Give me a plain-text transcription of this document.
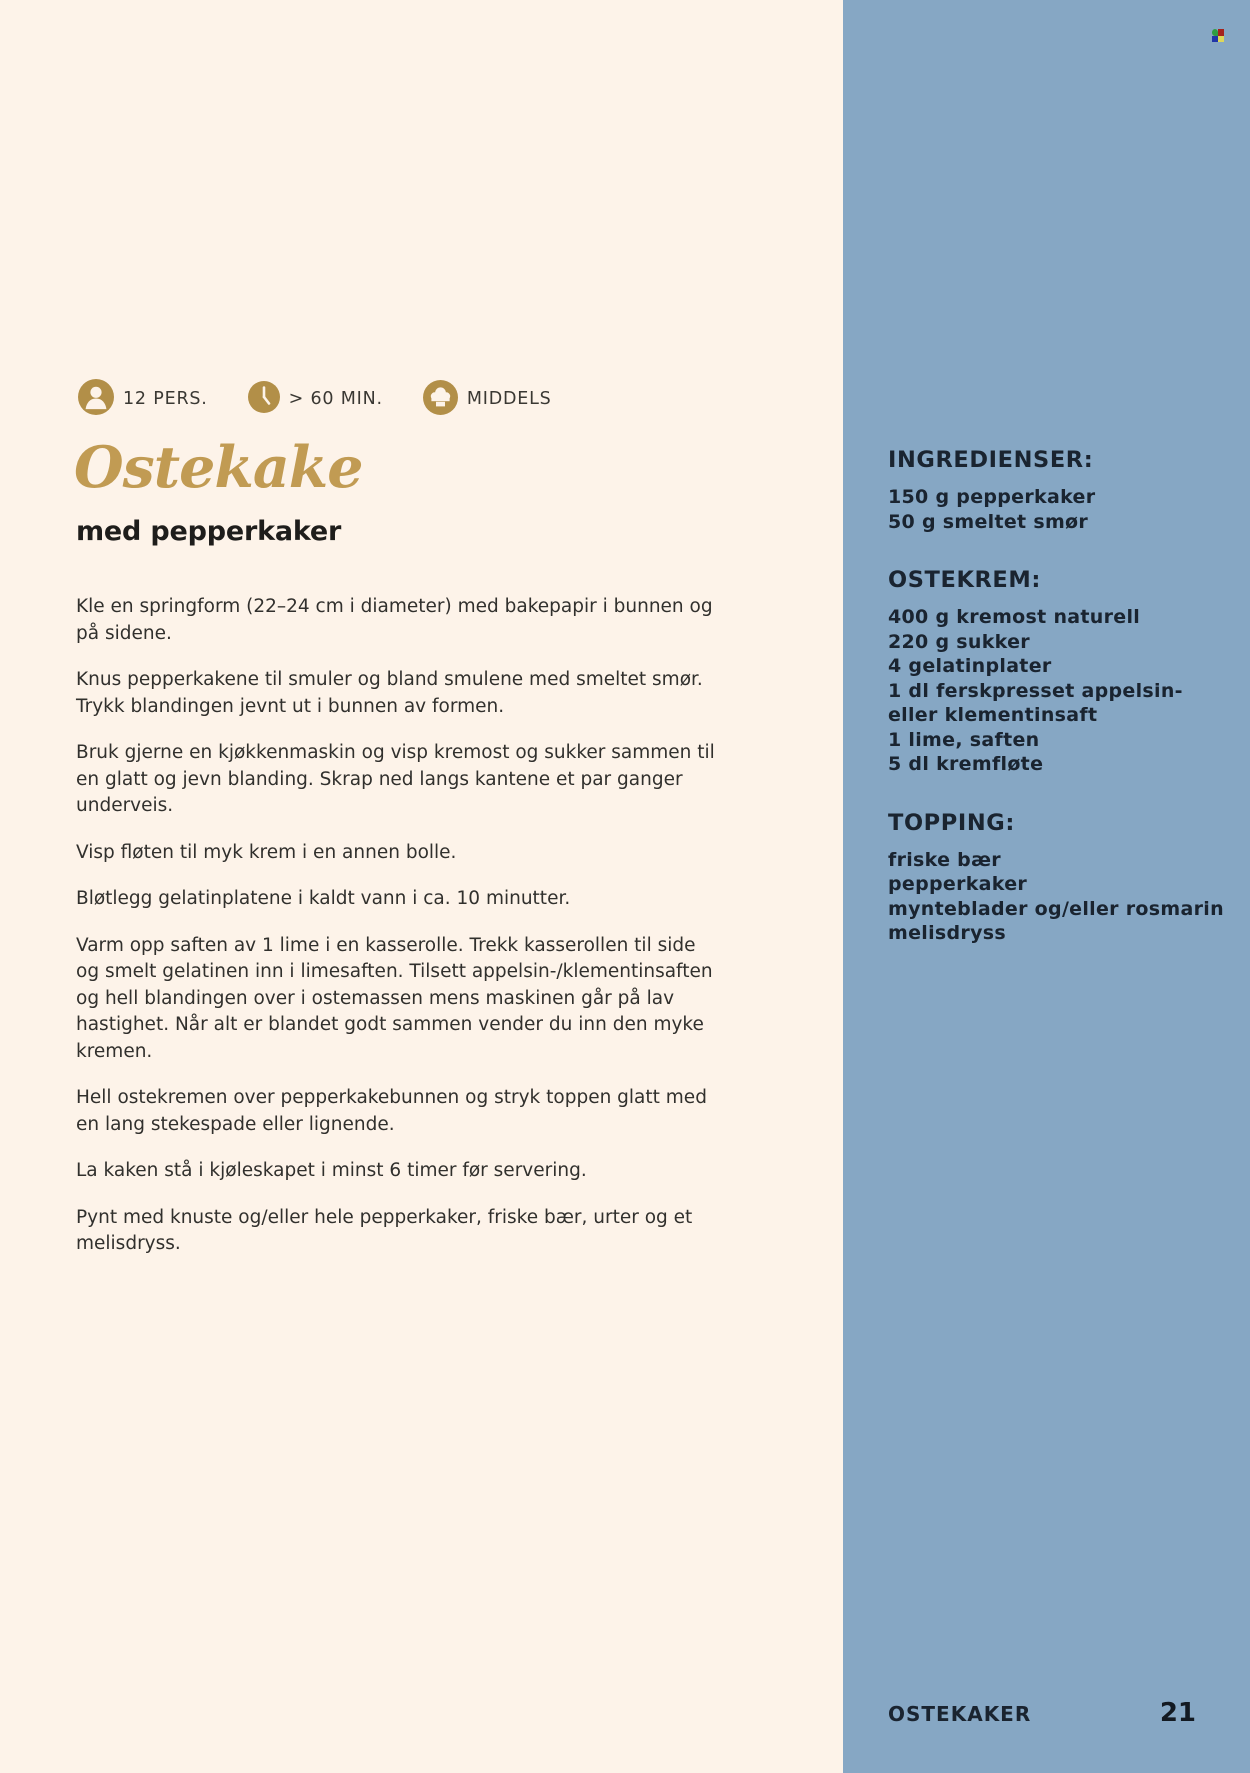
12 PERS.	> 60 MIN.	MIDDELS
Ostekake
med pepperkaker

Kle en springform (22–24 cm i diameter) med bakepapir i bunnen og på sidene.

Knus pepperkakene til smuler og bland smulene med smeltet smør. Trykk blandingen jevnt ut i bunnen av formen.

Bruk gjerne en kjøkkenmaskin og visp kremost og sukker sammen til en glatt og jevn blanding. Skrap ned langs kantene et par ganger underveis.

Visp fløten til myk krem i en annen bolle.

Bløtlegg gelatinplatene i kaldt vann i ca. 10 minutter.

Varm opp saften av 1 lime i en kasserolle. Trekk kasserollen til side og smelt gelatinen inn i limesaften. Tilsett appelsin-/klementinsaften og hell blandingen over i ostemassen mens maskinen går på lav hastighet. Når alt er blandet godt sammen vender du inn den myke kremen.

Hell ostekremen over pepperkakebunnen og stryk toppen glatt med en lang stekespade eller lignende.

La kaken stå i kjøleskapet i minst 6 timer før servering.

Pynt med knuste og/eller hele pepperkaker, friske bær, urter og et melisdryss.

INGREDIENSER:
150 g pepperkaker
50 g smeltet smør
OSTEKREM:
400 g kremost naturell
220 g sukker
4 gelatinplater
1 dl ferskpresset appelsin-
eller klementinsaft
1 lime, saften
5 dl kremfløte
TOPPING:
friske bær
pepperkaker
mynteblader og/eller rosmarin
melisdryss
OSTEKAKER	21
